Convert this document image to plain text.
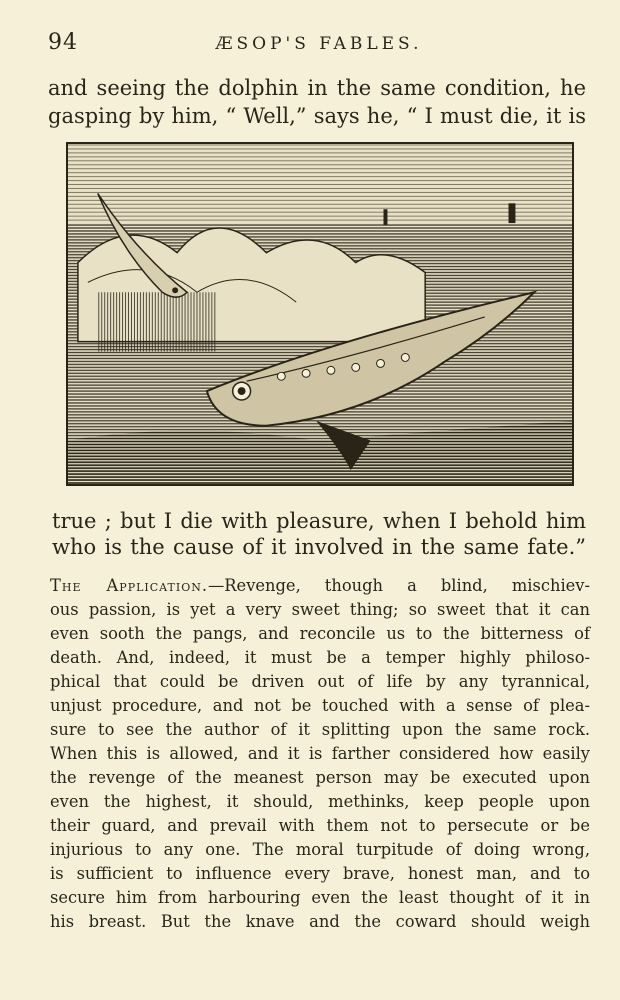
94	ÆSOP'S FABLES.
and seeing the dolphin in the same condition, he
gasping by him, “ Well,” says he, “ I must die, it is
true ; but I die with pleasure, when I behold him
who is the cause of it involved in the same fate.”
The Application.—Revenge, though a blind, mischiev-
ous passion, is yet a very sweet thing; so sweet that it can
even sooth the pangs, and reconcile us to the bitterness of
death. And, indeed, it must be a temper highly philoso-
phical that could be driven out of life by any tyrannical,
unjust procedure, and not be touched with a sense of plea-
sure to see the author of it splitting upon the same rock.
When this is allowed, and it is farther considered how easily
the revenge of the meanest person may be executed upon
even the highest, it should, methinks, keep people upon
their guard, and prevail with them not to persecute or be
injurious to any one. The moral turpitude of doing wrong,
is sufficient to influence every brave, honest man, and to
secure him from harbouring even the least thought of it in
his breast. But the knave and the coward should weigh
